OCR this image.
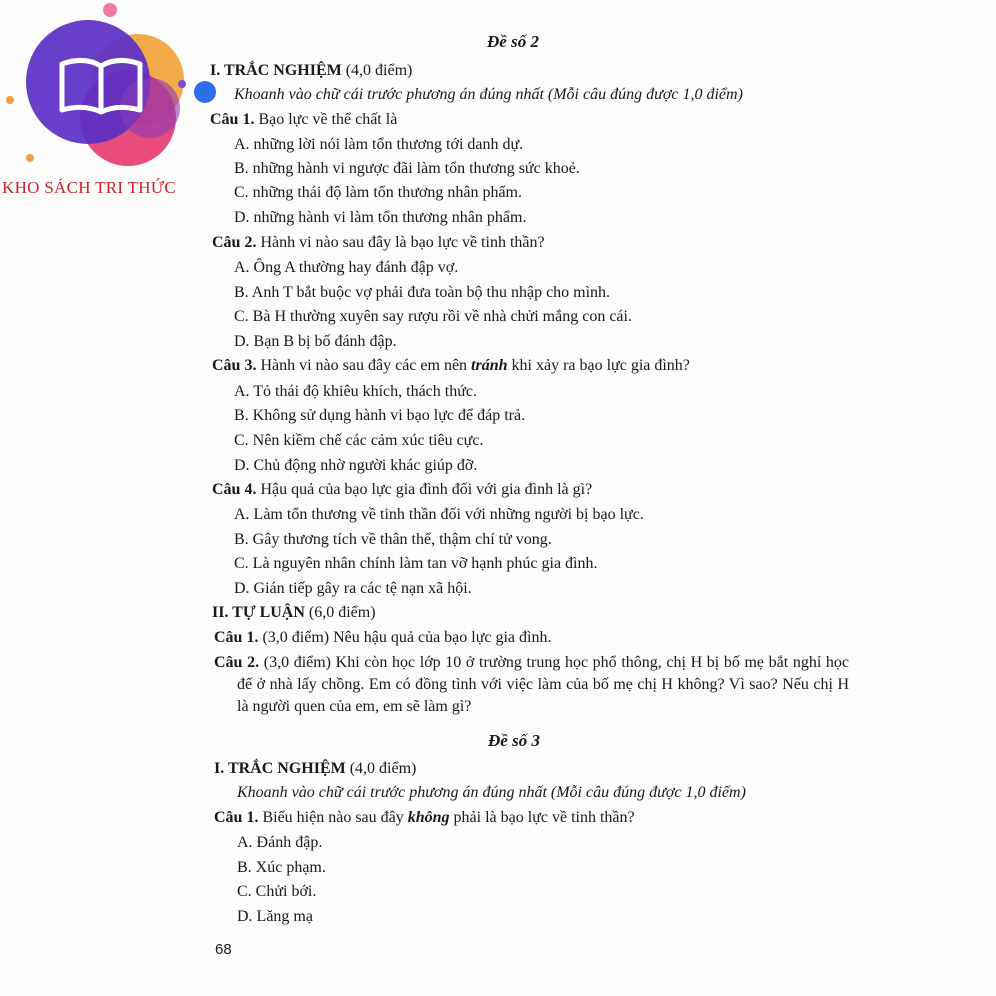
KHO SÁCH TRI THỨC
Đề số 2
I. TRẮC NGHIỆM (4,0 điểm)
Khoanh vào chữ cái trước phương án đúng nhất (Mỗi câu đúng được 1,0 điểm)
Câu 1. Bạo lực về thể chất là
A. những lời nói làm tổn thương tới danh dự.
B. những hành vi ngược đãi làm tổn thương sức khoẻ.
C. những thái độ làm tổn thương nhân phẩm.
D. những hành vi làm tổn thương nhân phẩm.
Câu 2. Hành vi nào sau đây là bạo lực về tinh thần?
A. Ông A thường hay đánh đập vợ.
B. Anh T bắt buộc vợ phải đưa toàn bộ thu nhập cho mình.
C. Bà H thường xuyên say rượu rồi về nhà chửi mắng con cái.
D. Bạn B bị bố đánh đập.
Câu 3. Hành vi nào sau đây các em nên tránh khi xảy ra bạo lực gia đình?
A. Tỏ thái độ khiêu khích, thách thức.
B. Không sử dụng hành vi bạo lực để đáp trả.
C. Nên kiềm chế các cảm xúc tiêu cực.
D. Chủ động nhờ người khác giúp đỡ.
Câu 4. Hậu quả của bạo lực gia đình đối với gia đình là gì?
A. Làm tổn thương về tinh thần đối với những người bị bạo lực.
B. Gây thương tích về thân thể, thậm chí tử vong.
C. Là nguyên nhân chính làm tan vỡ hạnh phúc gia đình.
D. Gián tiếp gây ra các tệ nạn xã hội.
II. TỰ LUẬN (6,0 điểm)
Câu 1. (3,0 điểm) Nêu hậu quả của bạo lực gia đình.
Câu 2. (3,0 điểm) Khi còn học lớp 10 ở trường trung học phổ thông, chị H bị bố mẹ bắt nghỉ học để ở nhà lấy chồng. Em có đồng tình với việc làm của bố mẹ chị H không? Vì sao? Nếu chị H là người quen của em, em sẽ làm gì?
Đề số 3
I. TRẮC NGHIỆM (4,0 điểm)
Khoanh vào chữ cái trước phương án đúng nhất (Mỗi câu đúng được 1,0 điểm)
Câu 1. Biểu hiện nào sau đây không phải là bạo lực về tinh thần?
A. Đánh đập.
B. Xúc phạm.
C. Chửi bới.
D. Lăng mạ
68
